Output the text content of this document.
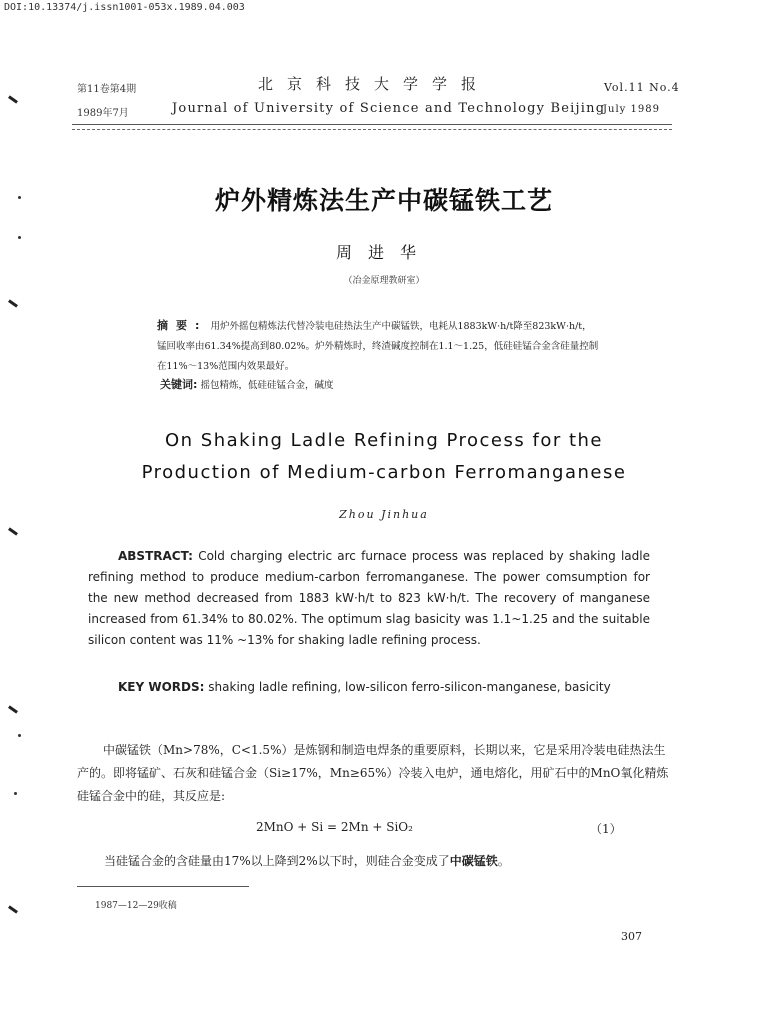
DOI:10.13374/j.issn1001-053x.1989.04.003

第11卷第4期

1989年7月

北京科技大学学报

Journal of University of Science and Technology Beijing

Vol.11 No.4

July 1989

炉外精炼法生产中碳锰铁工艺

周进华

（冶金原理教研室）

摘要: 用炉外摇包精炼法代替冷装电硅热法生产中碳锰铁，电耗从1883kW·h/t降至823kW·h/t，锰回收率由61.34%提高到80.02%。炉外精炼时，终渣碱度控制在1.1～1.25，低硅硅锰合金含硅量控制在11%～13%范围内效果最好。

关键词: 摇包精炼，低硅硅锰合金，碱度

On Shaking Ladle Refining Process for the

Production of Medium-carbon Ferromanganese

Zhou Jinhua

ABSTRACT: Cold charging electric arc furnace process was replaced by shaking ladle refining method to produce medium-carbon ferromanganese. The power comsumption for the new method decreased from 1883 kW·h/t to 823 kW·h/t. The recovery of manganese increased from 61.34% to 80.02%. The optimum slag basicity was 1.1~1.25 and the suitable silicon content was 11% ~13% for shaking ladle refining process.

KEY WORDS: shaking ladle refining, low-silicon ferro-silicon-manganese, basicity

中碳锰铁（Mn>78%，C<1.5%）是炼钢和制造电焊条的重要原料，长期以来，它是采用冷装电硅热法生产的。即将锰矿、石灰和硅锰合金（Si≥17%，Mn≥65%）冷装入电炉，通电熔化，用矿石中的MnO氧化精炼硅锰合金中的硅，其反应是:

2MnO + Si = 2Mn + SiO₂	（1）

当硅锰合金的含硅量由17%以上降到2%以下时，则硅合金变成了中碳锰铁。

1987—12—29收稿

307
